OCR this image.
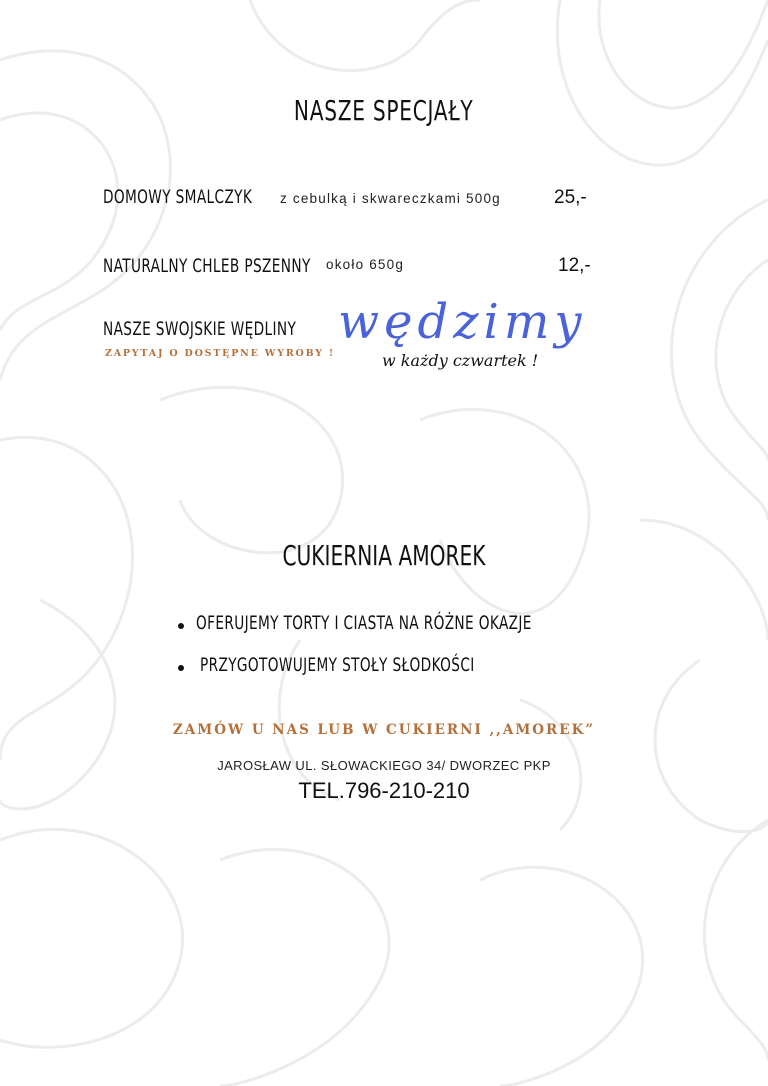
NASZE SPECJAŁY
DOMOWY SMALCZYK z cebulką i skwareczkami 500g	25,-
NATURALNY CHLEB PSZENNY około 650g	12,-
NASZE SWOJSKIE WĘDLINY
ZAPYTAJ O DOSTĘPNE WYROBY !
wędzimy
w każdy czwartek !
CUKIERNIA AMOREK
OFERUJEMY TORTY I CIASTA NA RÓŻNE OKAZJE
PRZYGOTOWUJEMY STOŁY SŁODKOŚCI
ZAMÓW U NAS LUB W CUKIERNI ,,AMOREK”
JAROSŁAW UL. SŁOWACKIEGO 34/ DWORZEC PKP
TEL.796-210-210
